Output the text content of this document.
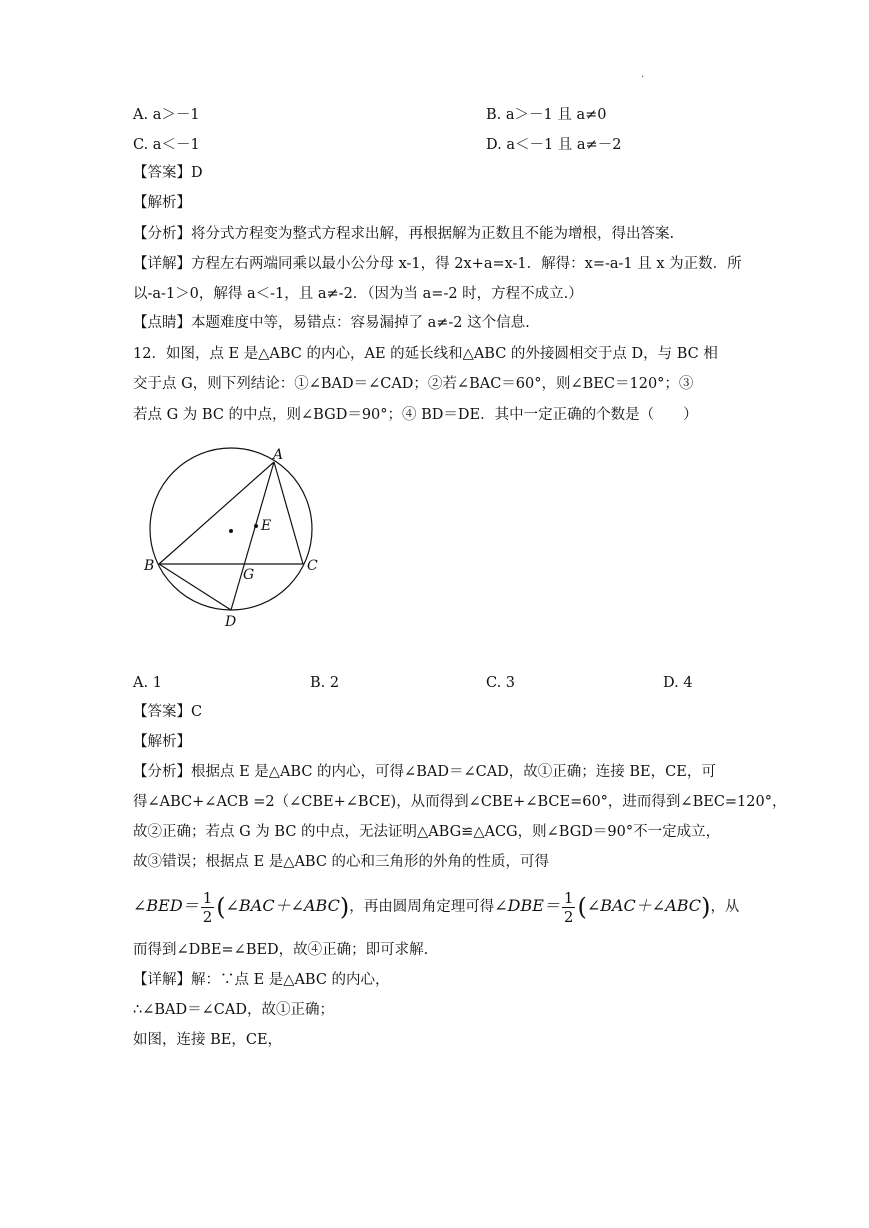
·
A. a＞－1	B. a＞－1 且 a≠0
C. a＜－1	D. a＜－1 且 a≠－2
【答案】D
【解析】
【分析】将分式方程变为整式方程求出解，再根据解为正数且不能为增根，得出答案.
【详解】方程左右两端同乘以最小公分母 x-1，得 2x+a=x-1．解得：x=-a-1 且 x 为正数．所
以-a-1＞0，解得 a＜-1，且 a≠-2．（因为当 a=-2 时，方程不成立.）
【点睛】本题难度中等，易错点：容易漏掉了 a≠-2 这个信息.
12．如图，点 E 是△ABC 的内心，AE 的延长线和△ABC 的外接圆相交于点 D，与 BC 相
交于点 G，则下列结论：①∠BAD＝∠CAD；②若∠BAC＝60°，则∠BEC＝120°；③
若点 G 为 BC 的中点，则∠BGD＝90°；④ BD＝DE．其中一定正确的个数是（　　）
A
B	C
D
E
G
A. 1	B. 2	C. 3	D. 4
【答案】C
【解析】
【分析】根据点 E 是△ABC 的内心，可得∠BAD＝∠CAD，故①正确；连接 BE，CE，可
得∠ABC+∠ACB =2（∠CBE+∠BCE)，从而得到∠CBE+∠BCE=60°，进而得到∠BEC=120°，
故②正确；若点 G 为 BC 的中点，无法证明△ABG≌△ACG，则∠BGD＝90°不一定成立，
故③错误；根据点 E 是△ABC 的心和三角形的外角的性质，可得
∠BED＝ $\frac{1}{2}$ (∠BAC＋∠ABC)，再由圆周角定理可得∠DBE＝ $\frac{1}{2}$ (∠BAC＋∠ABC)，从
而得到∠DBE=∠BED，故④正确；即可求解.
【详解】解：∵点 E 是△ABC 的内心，
∴∠BAD＝∠CAD，故①正确；
如图，连接 BE，CE，
